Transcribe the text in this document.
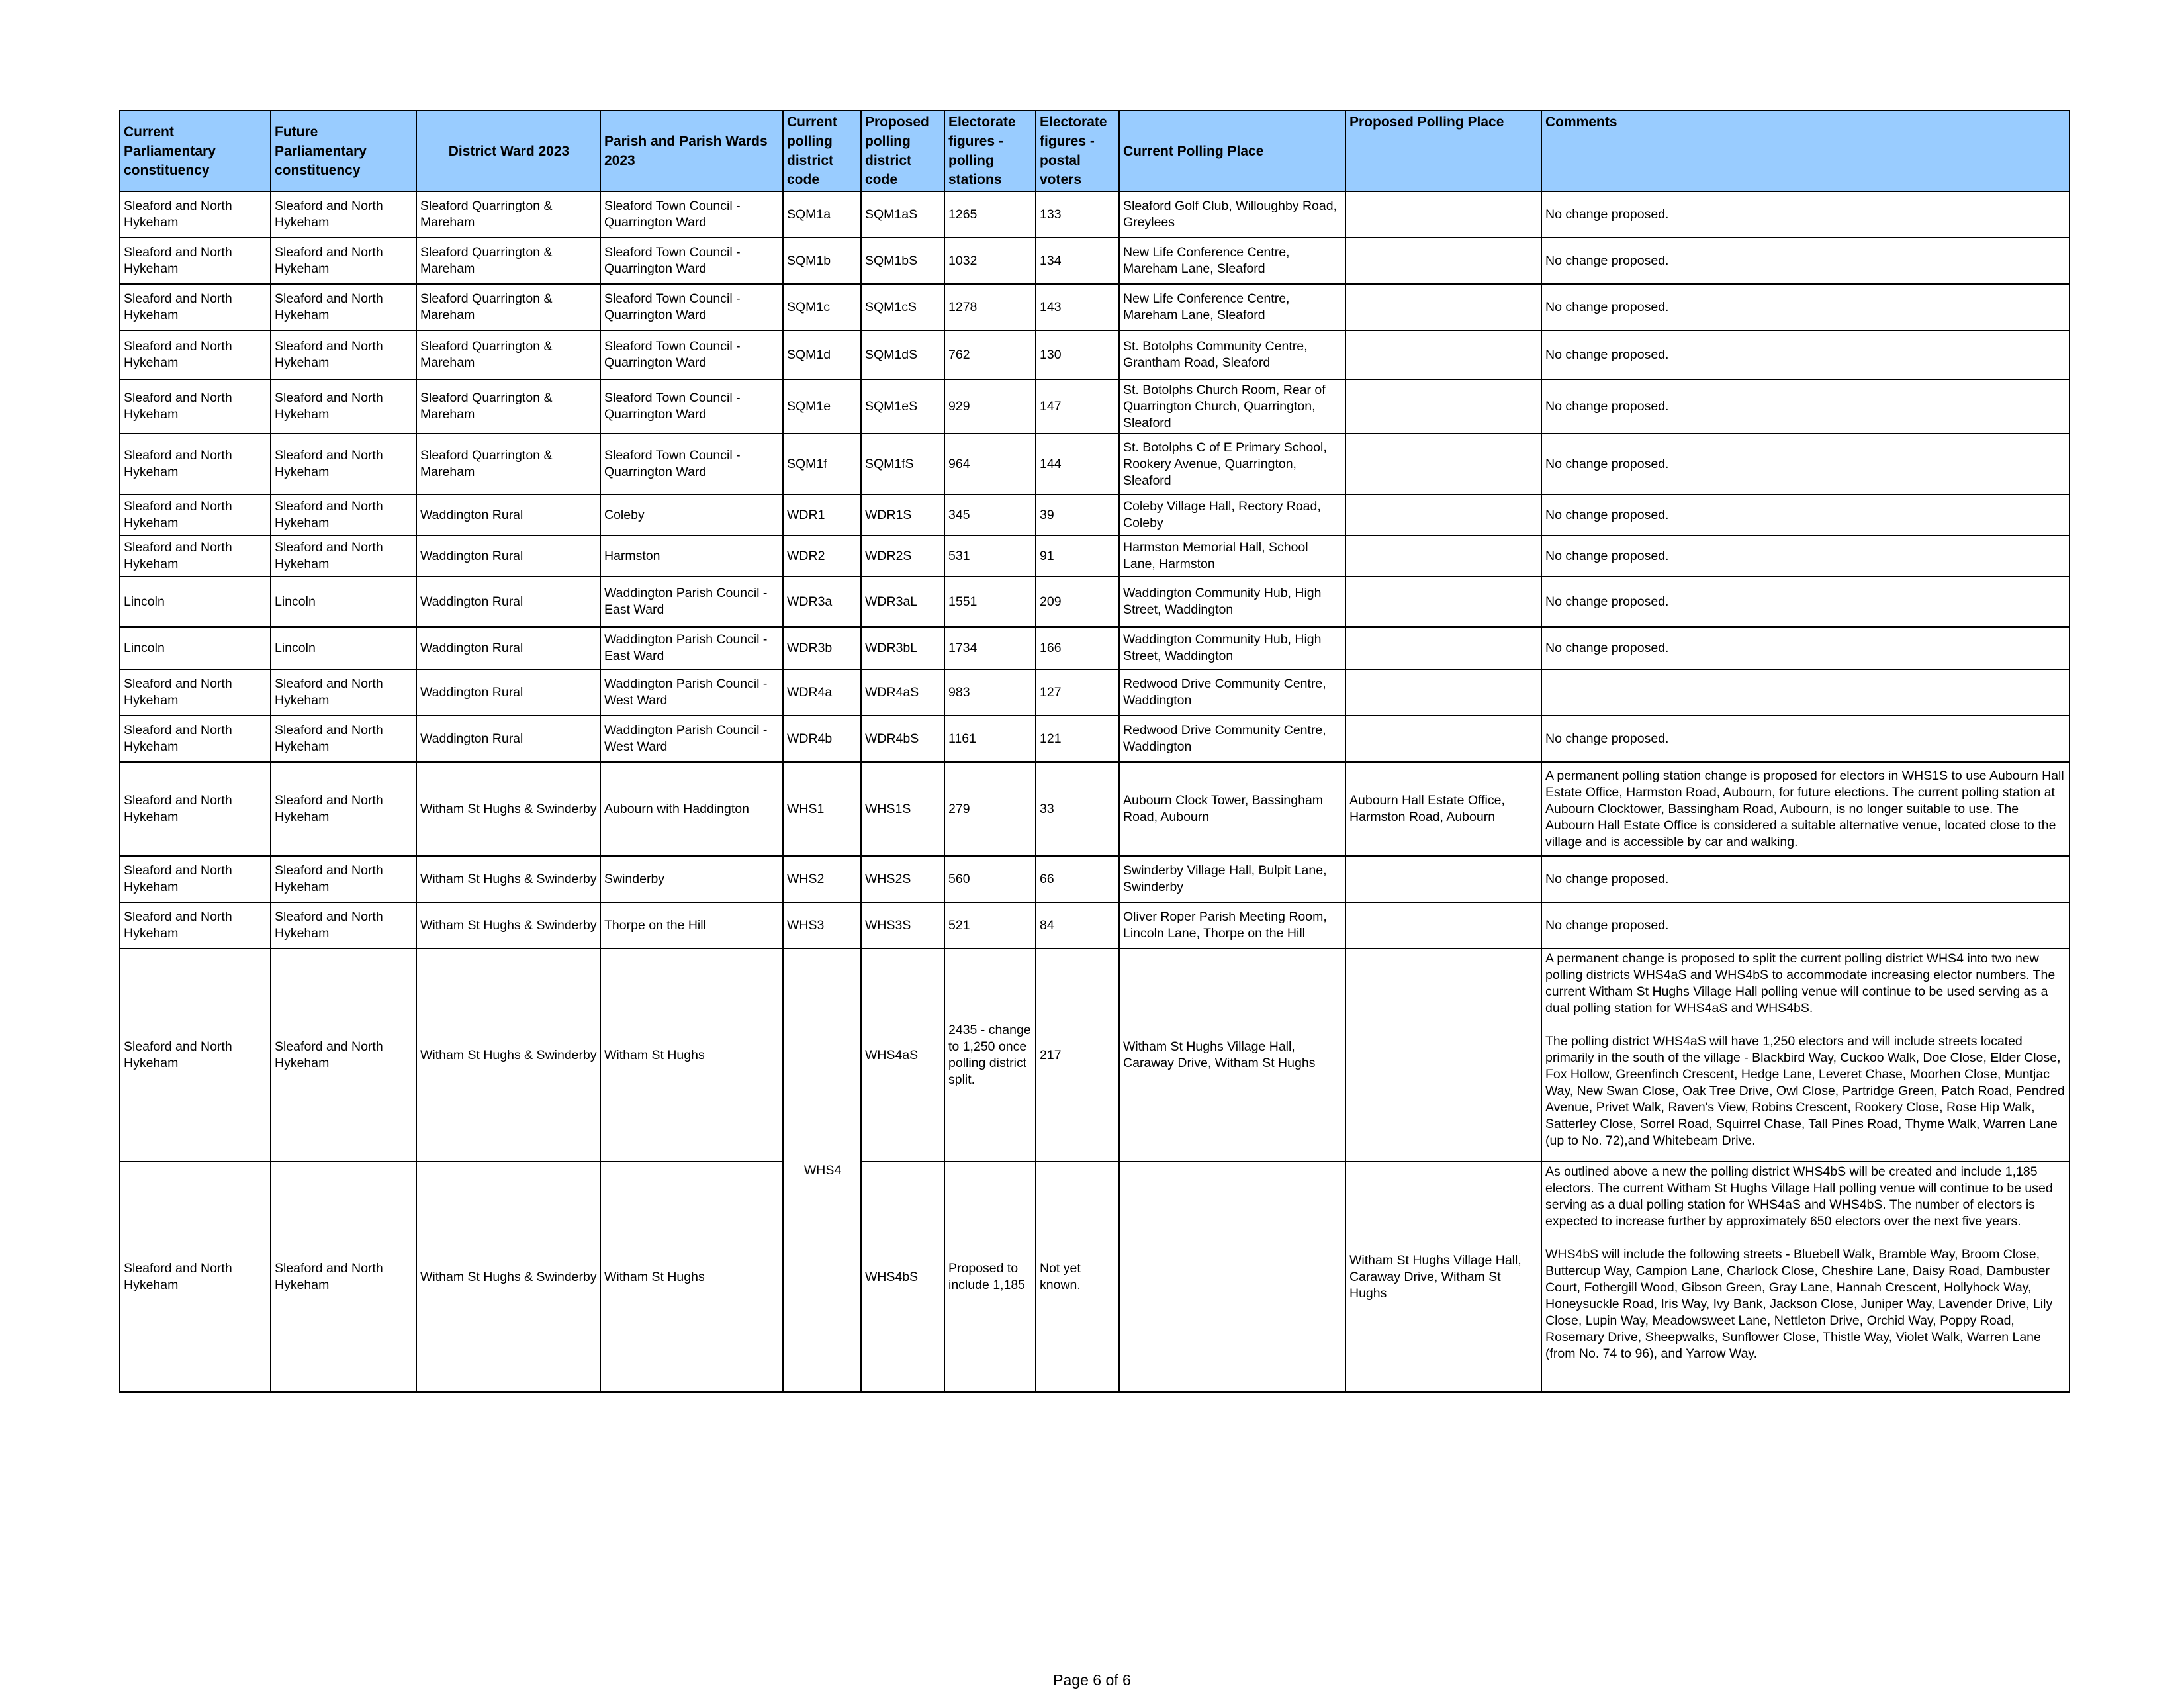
Current Parliamentary constituency	Future Parliamentary constituency	District Ward 2023	Parish and Parish Wards 2023	Current polling district code	Proposed polling district code	Electorate figures - polling stations	Electorate figures - postal voters	Current Polling Place	Proposed Polling Place	Comments
Sleaford and North Hykeham	Sleaford and North Hykeham	Sleaford Quarrington & Mareham	Sleaford Town Council - Quarrington Ward	SQM1a	SQM1aS	1265	133	Sleaford Golf Club, Willoughby Road, Greylees		No change proposed.
Sleaford and North Hykeham	Sleaford and North Hykeham	Sleaford Quarrington & Mareham	Sleaford Town Council - Quarrington Ward	SQM1b	SQM1bS	1032	134	New Life Conference Centre, Mareham Lane, Sleaford		No change proposed.
Sleaford and North Hykeham	Sleaford and North Hykeham	Sleaford Quarrington & Mareham	Sleaford Town Council - Quarrington Ward	SQM1c	SQM1cS	1278	143	New Life Conference Centre, Mareham Lane, Sleaford		No change proposed.
Sleaford and North Hykeham	Sleaford and North Hykeham	Sleaford Quarrington & Mareham	Sleaford Town Council - Quarrington Ward	SQM1d	SQM1dS	762	130	St. Botolphs Community Centre, Grantham Road, Sleaford		No change proposed.
Sleaford and North Hykeham	Sleaford and North Hykeham	Sleaford Quarrington & Mareham	Sleaford Town Council - Quarrington Ward	SQM1e	SQM1eS	929	147	St. Botolphs Church Room, Rear of Quarrington Church, Quarrington, Sleaford		No change proposed.
Sleaford and North Hykeham	Sleaford and North Hykeham	Sleaford Quarrington & Mareham	Sleaford Town Council - Quarrington Ward	SQM1f	SQM1fS	964	144	St. Botolphs C of E Primary School, Rookery Avenue, Quarrington, Sleaford		No change proposed.
Sleaford and North Hykeham	Sleaford and North Hykeham	Waddington Rural	Coleby	WDR1	WDR1S	345	39	Coleby Village Hall, Rectory Road, Coleby		No change proposed.
Sleaford and North Hykeham	Sleaford and North Hykeham	Waddington Rural	Harmston	WDR2	WDR2S	531	91	Harmston Memorial Hall, School Lane, Harmston		No change proposed.
Lincoln	Lincoln	Waddington Rural	Waddington Parish Council - East Ward	WDR3a	WDR3aL	1551	209	Waddington Community Hub, High Street, Waddington		No change proposed.
Lincoln	Lincoln	Waddington Rural	Waddington Parish Council - East Ward	WDR3b	WDR3bL	1734	166	Waddington Community Hub, High Street, Waddington		No change proposed.
Sleaford and North Hykeham	Sleaford and North Hykeham	Waddington Rural	Waddington Parish Council - West Ward	WDR4a	WDR4aS	983	127	Redwood Drive Community Centre, Waddington		
Sleaford and North Hykeham	Sleaford and North Hykeham	Waddington Rural	Waddington Parish Council - West Ward	WDR4b	WDR4bS	1161	121	Redwood Drive Community Centre, Waddington		No change proposed.
Sleaford and North Hykeham	Sleaford and North Hykeham	Witham St Hughs & Swinderby	Aubourn with Haddington	WHS1	WHS1S	279	33	Aubourn Clock Tower, Bassingham Road, Aubourn	Aubourn Hall Estate Office, Harmston Road, Aubourn	A permanent polling station change is proposed for electors in WHS1S to use Aubourn Hall Estate Office, Harmston Road, Aubourn, for future elections. The current polling station at Aubourn Clocktower, Bassingham Road, Aubourn, is no longer suitable to use. The Aubourn Hall Estate Office is considered a suitable alternative venue, located close to the village and is accessible by car and walking.
Sleaford and North Hykeham	Sleaford and North Hykeham	Witham St Hughs & Swinderby	Swinderby	WHS2	WHS2S	560	66	Swinderby Village Hall, Bulpit Lane, Swinderby		No change proposed.
Sleaford and North Hykeham	Sleaford and North Hykeham	Witham St Hughs & Swinderby	Thorpe on the Hill	WHS3	WHS3S	521	84	Oliver Roper Parish Meeting Room, Lincoln Lane, Thorpe on the Hill		No change proposed.
Sleaford and North Hykeham	Sleaford and North Hykeham	Witham St Hughs & Swinderby	Witham St Hughs	WHS4	WHS4aS	2435 - change to 1,250 once polling district split.	217	Witham St Hughs Village Hall, Caraway Drive, Witham St Hughs		A permanent change is proposed to split the current polling district WHS4 into two new polling districts WHS4aS and WHS4bS to accommodate increasing elector numbers. The current Witham St Hughs Village Hall polling venue will continue to be used serving as a dual polling station for WHS4aS and WHS4bS.

The polling district WHS4aS will have 1,250 electors and will include streets located primarily in the south of the village - Blackbird Way, Cuckoo Walk, Doe Close, Elder Close, Fox Hollow, Greenfinch Crescent, Hedge Lane, Leveret Chase, Moorhen Close, Muntjac Way, New Swan Close, Oak Tree Drive, Owl Close, Partridge Green, Patch Road, Pendred Avenue, Privet Walk, Raven's View, Robins Crescent, Rookery Close, Rose Hip Walk, Satterley Close, Sorrel Road, Squirrel Chase, Tall Pines Road, Thyme Walk, Warren Lane (up to No. 72),and Whitebeam Drive.

Sleaford and North Hykeham	Sleaford and North Hykeham	Witham St Hughs & Swinderby	Witham St Hughs		WHS4bS	Proposed to include 1,185	Not yet known.		Witham St Hughs Village Hall, Caraway Drive, Witham St Hughs	As outlined above a new the polling district WHS4bS will be created and include 1,185 electors. The current Witham St Hughs Village Hall polling venue will continue to be used serving as a dual polling station for WHS4aS and WHS4bS. The number of electors is expected to increase further by approximately 650 electors over the next five years.

WHS4bS will include the following streets - Bluebell Walk, Bramble Way, Broom Close, Buttercup Way, Campion Lane, Charlock Close, Cheshire Lane, Daisy Road, Dambuster Court, Fothergill Wood, Gibson Green, Gray Lane, Hannah Crescent, Hollyhock Way, Honeysuckle Road, Iris Way, Ivy Bank, Jackson Close, Juniper Way, Lavender Drive, Lily Close, Lupin Way, Meadowsweet Lane, Nettleton Drive, Orchid Way, Poppy Road, Rosemary Drive, Sheepwalks, Sunflower Close, Thistle Way, Violet Walk, Warren Lane (from No. 74 to 96), and Yarrow Way.

Page 6 of 6
